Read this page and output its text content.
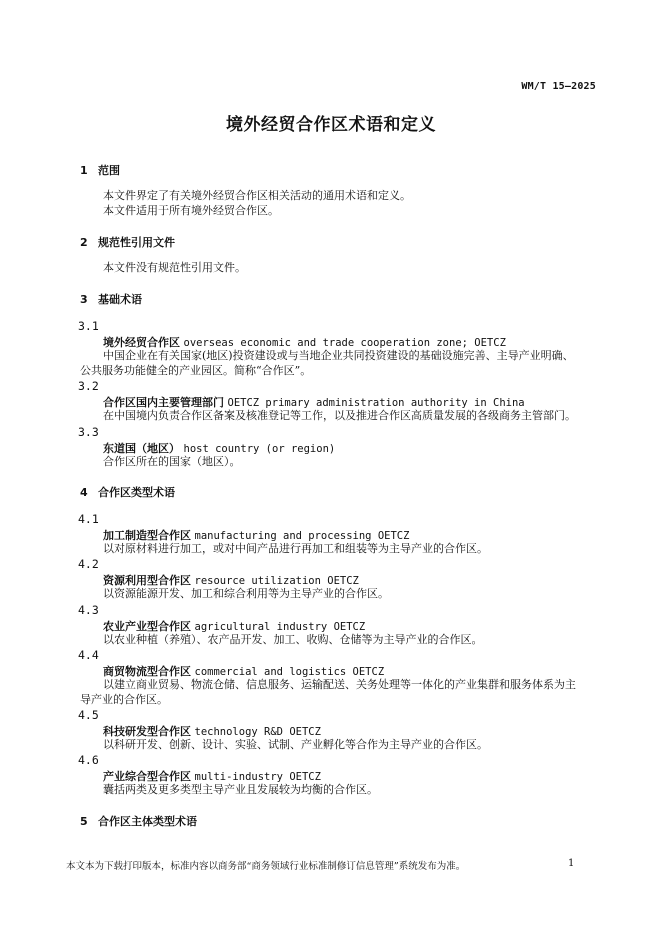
WM/T 15—2025
境外经贸合作区术语和定义
1 范围
本文件界定了有关境外经贸合作区相关活动的通用术语和定义。
本文件适用于所有境外经贸合作区。
2 规范性引用文件
本文件没有规范性引用文件。
3 基础术语
3.1
境外经贸合作区 overseas economic and trade cooperation zone; OETCZ
中国企业在有关国家(地区)投资建设或与当地企业共同投资建设的基础设施完善、主导产业明确、
公共服务功能健全的产业园区。简称“合作区”。
3.2
合作区国内主要管理部门 OETCZ primary administration authority in China
在中国境内负责合作区备案及核准登记等工作，以及推进合作区高质量发展的各级商务主管部门。
3.3
东道国（地区） host country (or region)
合作区所在的国家（地区）。
4 合作区类型术语
4.1
加工制造型合作区 manufacturing and processing OETCZ
以对原材料进行加工，或对中间产品进行再加工和组装等为主导产业的合作区。
4.2
资源利用型合作区 resource utilization OETCZ
以资源能源开发、加工和综合利用等为主导产业的合作区。
4.3
农业产业型合作区 agricultural industry OETCZ
以农业种植（养殖）、农产品开发、加工、收购、仓储等为主导产业的合作区。
4.4
商贸物流型合作区 commercial and logistics OETCZ
以建立商业贸易、物流仓储、信息服务、运输配送、关务处理等一体化的产业集群和服务体系为主
导产业的合作区。
4.5
科技研发型合作区 technology R&D OETCZ
以科研开发、创新、设计、实验、试制、产业孵化等合作为主导产业的合作区。
4.6
产业综合型合作区 multi-industry OETCZ
囊括两类及更多类型主导产业且发展较为均衡的合作区。
5 合作区主体类型术语
本文本为下载打印版本，标准内容以商务部“商务领域行业标准制修订信息管理”系统发布为准。	1
